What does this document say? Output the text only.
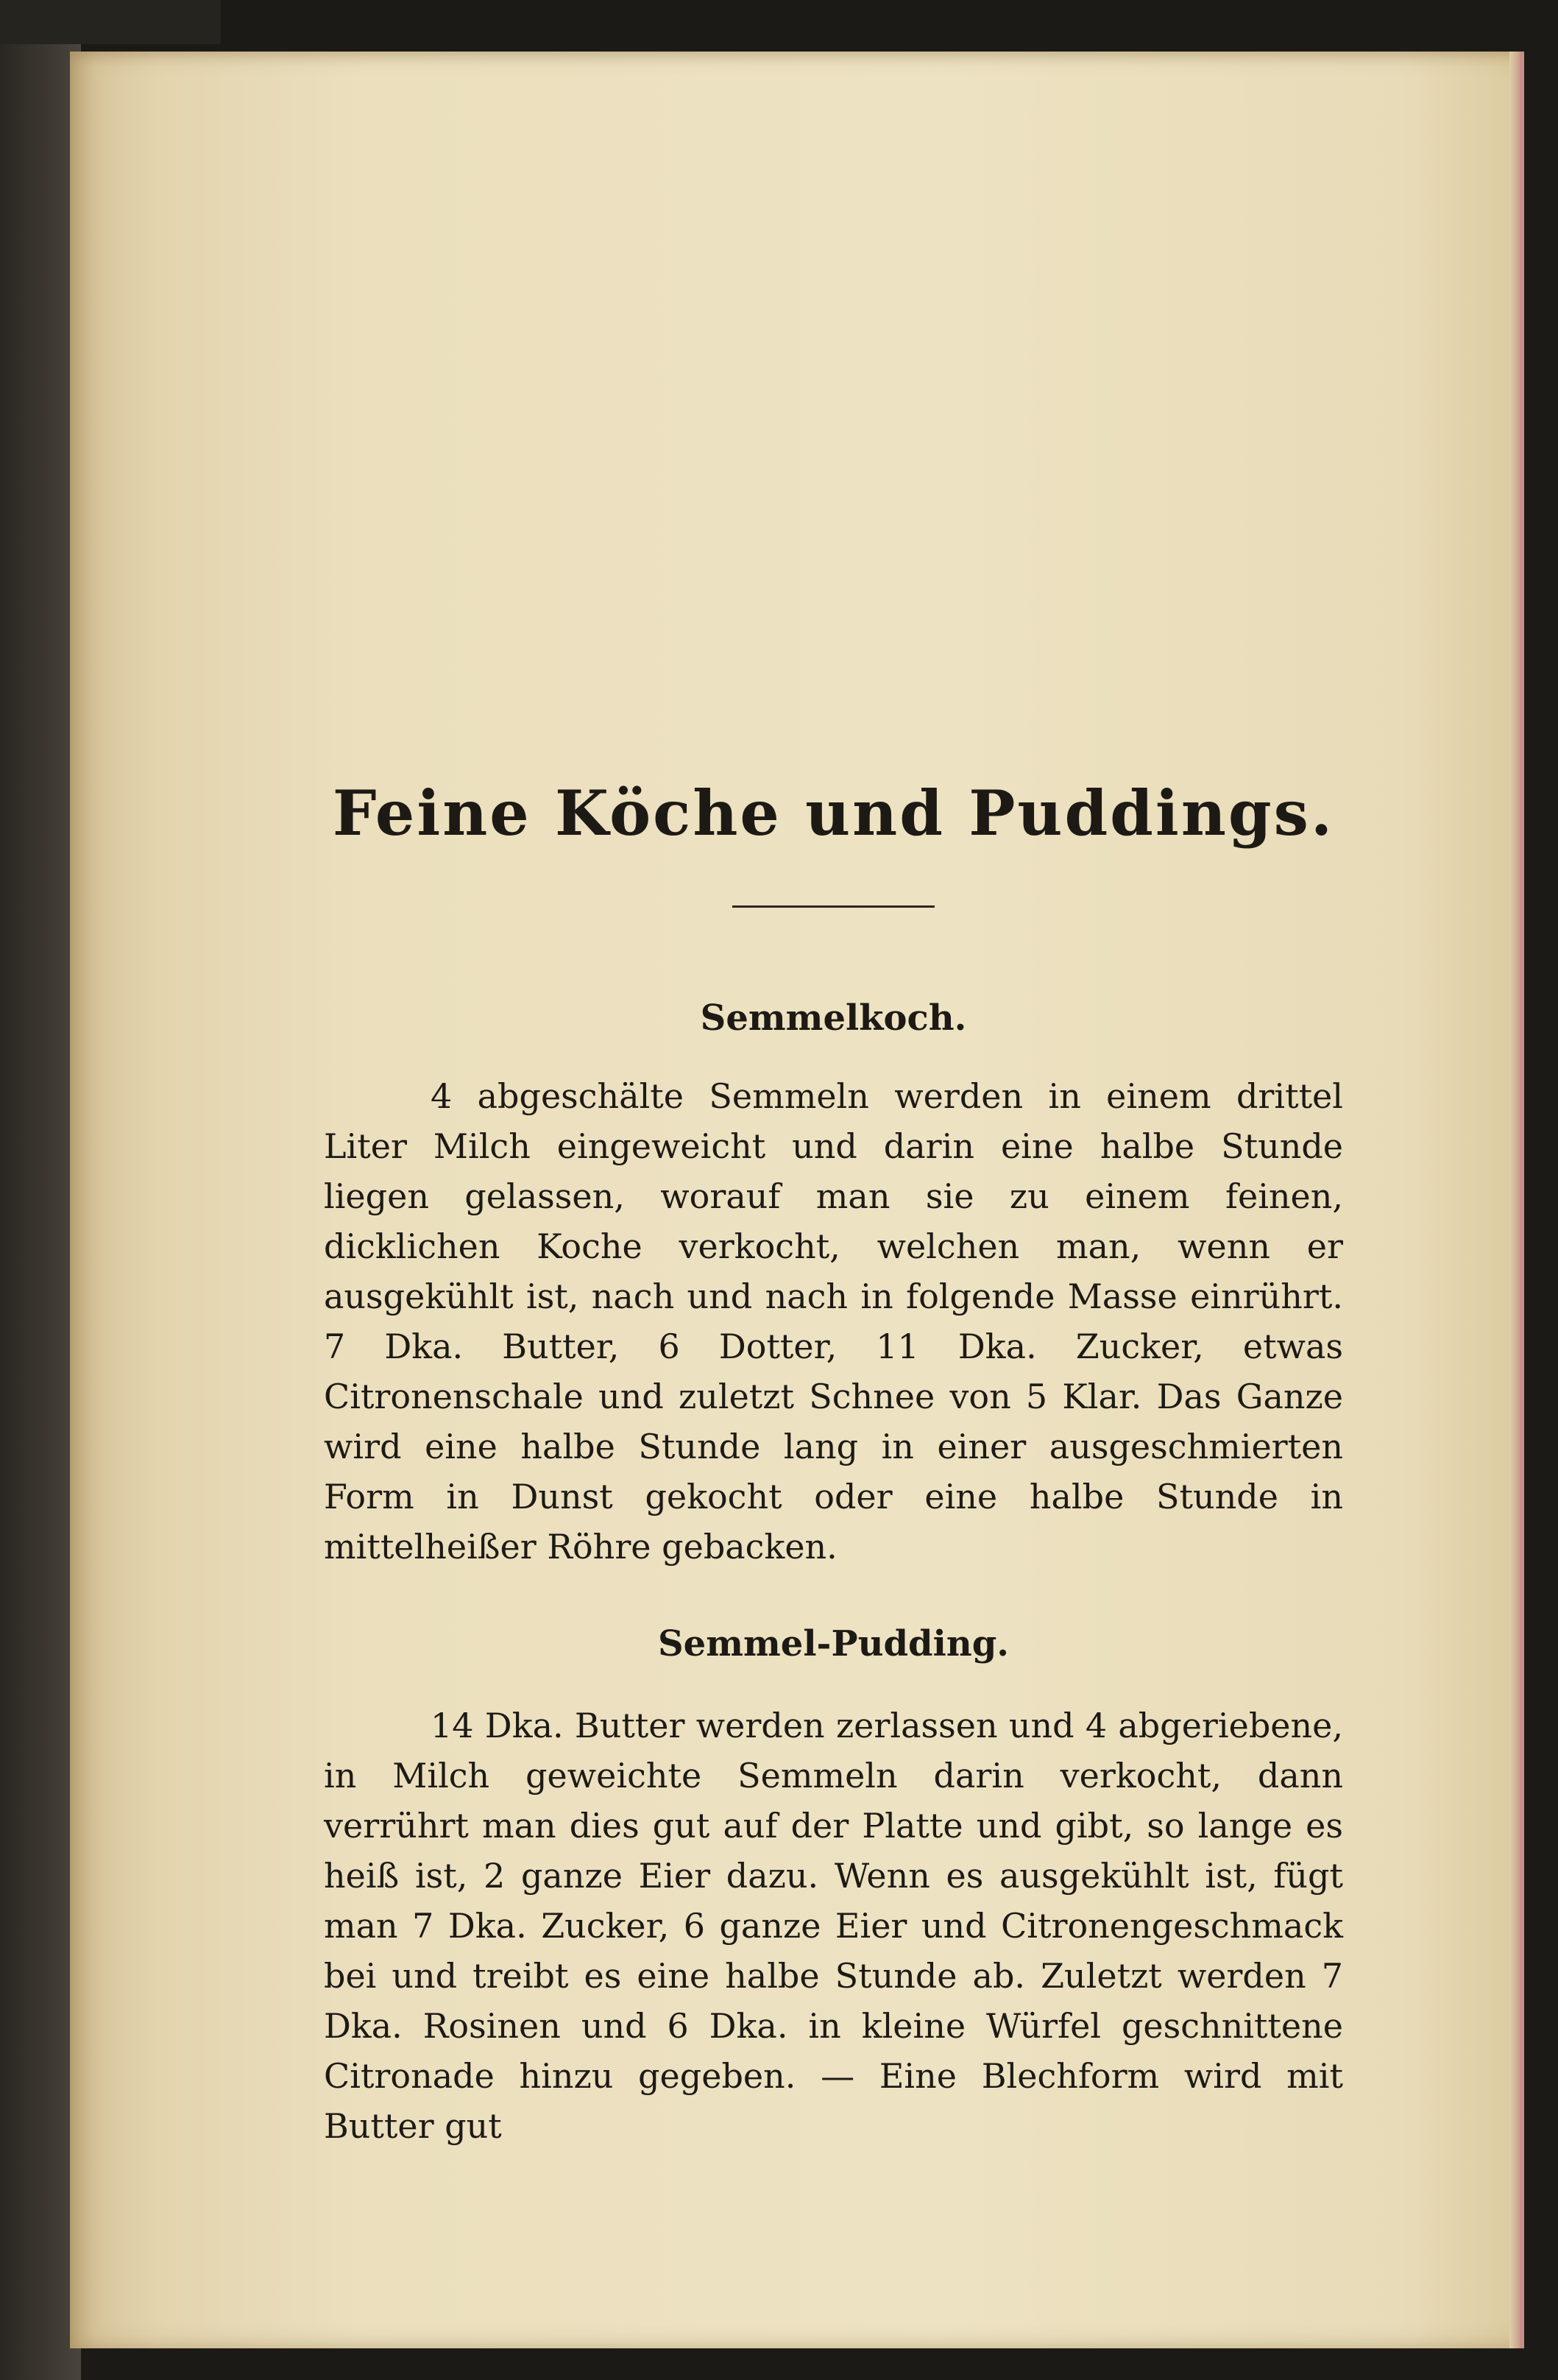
Feine Köche und Puddings.
Semmelkoch.

4 abgeschälte Semmeln werden in einem drittel Liter Milch eingeweicht und darin eine halbe Stunde liegen gelassen, worauf man sie zu einem feinen, dicklichen Koche verkocht, welchen man, wenn er ausgekühlt ist, nach und nach in folgende Masse einrührt. 7 Dka. Butter, 6 Dotter, 11 Dka. Zucker, etwas Citronenschale und zuletzt Schnee von 5 Klar. Das Ganze wird eine halbe Stunde lang in einer ausgeschmierten Form in Dunst gekocht oder eine halbe Stunde in mittelheißer Röhre gebacken.

Semmel-Pudding.

14 Dka. Butter werden zerlassen und 4 abgeriebene, in Milch geweichte Semmeln darin verkocht, dann verrührt man dies gut auf der Platte und gibt, so lange es heiß ist, 2 ganze Eier dazu. Wenn es ausgekühlt ist, fügt man 7 Dka. Zucker, 6 ganze Eier und Citronengeschmack bei und treibt es eine halbe Stunde ab. Zuletzt werden 7 Dka. Rosinen und 6 Dka. in kleine Würfel geschnittene Citronade hinzu gegeben. — Eine Blechform wird mit Butter gut
